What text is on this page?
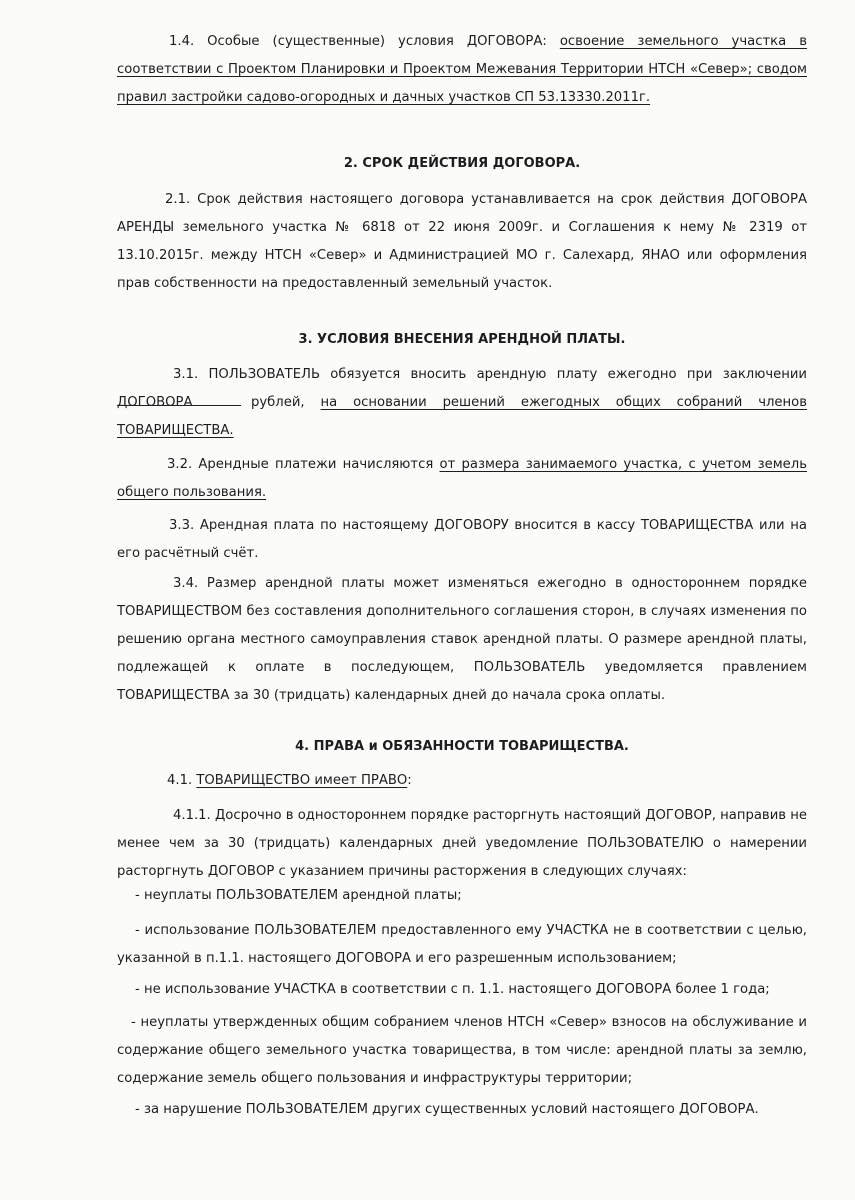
1.4. Особые (существенные) условия ДОГОВОРА: освоение земельного участка в соответствии с Проектом Планировки и Проектом Межевания Территории НТСН «Север»; сводом правил застройки садово-огородных и дачных участков СП 53.13330.2011г.

2. СРОК ДЕЙСТВИЯ ДОГОВОРА.

2.1. Срок действия настоящего договора устанавливается на срок действия ДОГОВОРА АРЕНДЫ земельного участка № 6818 от 22 июня 2009г. и Соглашения к нему № 2319 от 13.10.2015г. между НТСН «Север» и Администрацией МО г. Салехард, ЯНАО или оформления прав собственности на предоставленный земельный участок.

3. УСЛОВИЯ ВНЕСЕНИЯ АРЕНДНОЙ ПЛАТЫ.

3.1. ПОЛЬЗОВАТЕЛЬ обязуется вносить арендную плату ежегодно при заключении ДОГОВОРА	рублей, на основании решений ежегодных общих собраний членов ТОВАРИЩЕСТВА.

3.2. Арендные платежи начисляются от размера занимаемого участка, с учетом земель общего пользования.

3.3. Арендная плата по настоящему ДОГОВОРУ вносится в кассу ТОВАРИЩЕСТВА или на его расчётный счёт.

3.4. Размер арендной платы может изменяться ежегодно в одностороннем порядке ТОВАРИЩЕСТВОМ без составления дополнительного соглашения сторон, в случаях изменения по решению органа местного самоуправления ставок арендной платы. О размере арендной платы, подлежащей к оплате в последующем, ПОЛЬЗОВАТЕЛЬ уведомляется правлением ТОВАРИЩЕСТВА за 30 (тридцать) календарных дней до начала срока оплаты.

4. ПРАВА и ОБЯЗАННОСТИ ТОВАРИЩЕСТВА.

4.1. ТОВАРИЩЕСТВО имеет ПРАВО:

4.1.1. Досрочно в одностороннем порядке расторгнуть настоящий ДОГОВОР, направив не менее чем за 30 (тридцать) календарных дней уведомление ПОЛЬЗОВАТЕЛЮ о намерении расторгнуть ДОГОВОР с указанием причины расторжения в следующих случаях:

- неуплаты ПОЛЬЗОВАТЕЛЕМ арендной платы;

- использование ПОЛЬЗОВАТЕЛЕМ предоставленного ему УЧАСТКА не в соответствии с целью, указанной в п.1.1. настоящего ДОГОВОРА и его разрешенным использованием;

- не использование УЧАСТКА в соответствии с п. 1.1. настоящего ДОГОВОРА более 1 года;

- неуплаты утвержденных общим собранием членов НТСН «Север» взносов на обслуживание и содержание общего земельного участка товарищества, в том числе: арендной платы за землю, содержание земель общего пользования и инфраструктуры территории;

- за нарушение ПОЛЬЗОВАТЕЛЕМ других существенных условий настоящего ДОГОВОРА.
